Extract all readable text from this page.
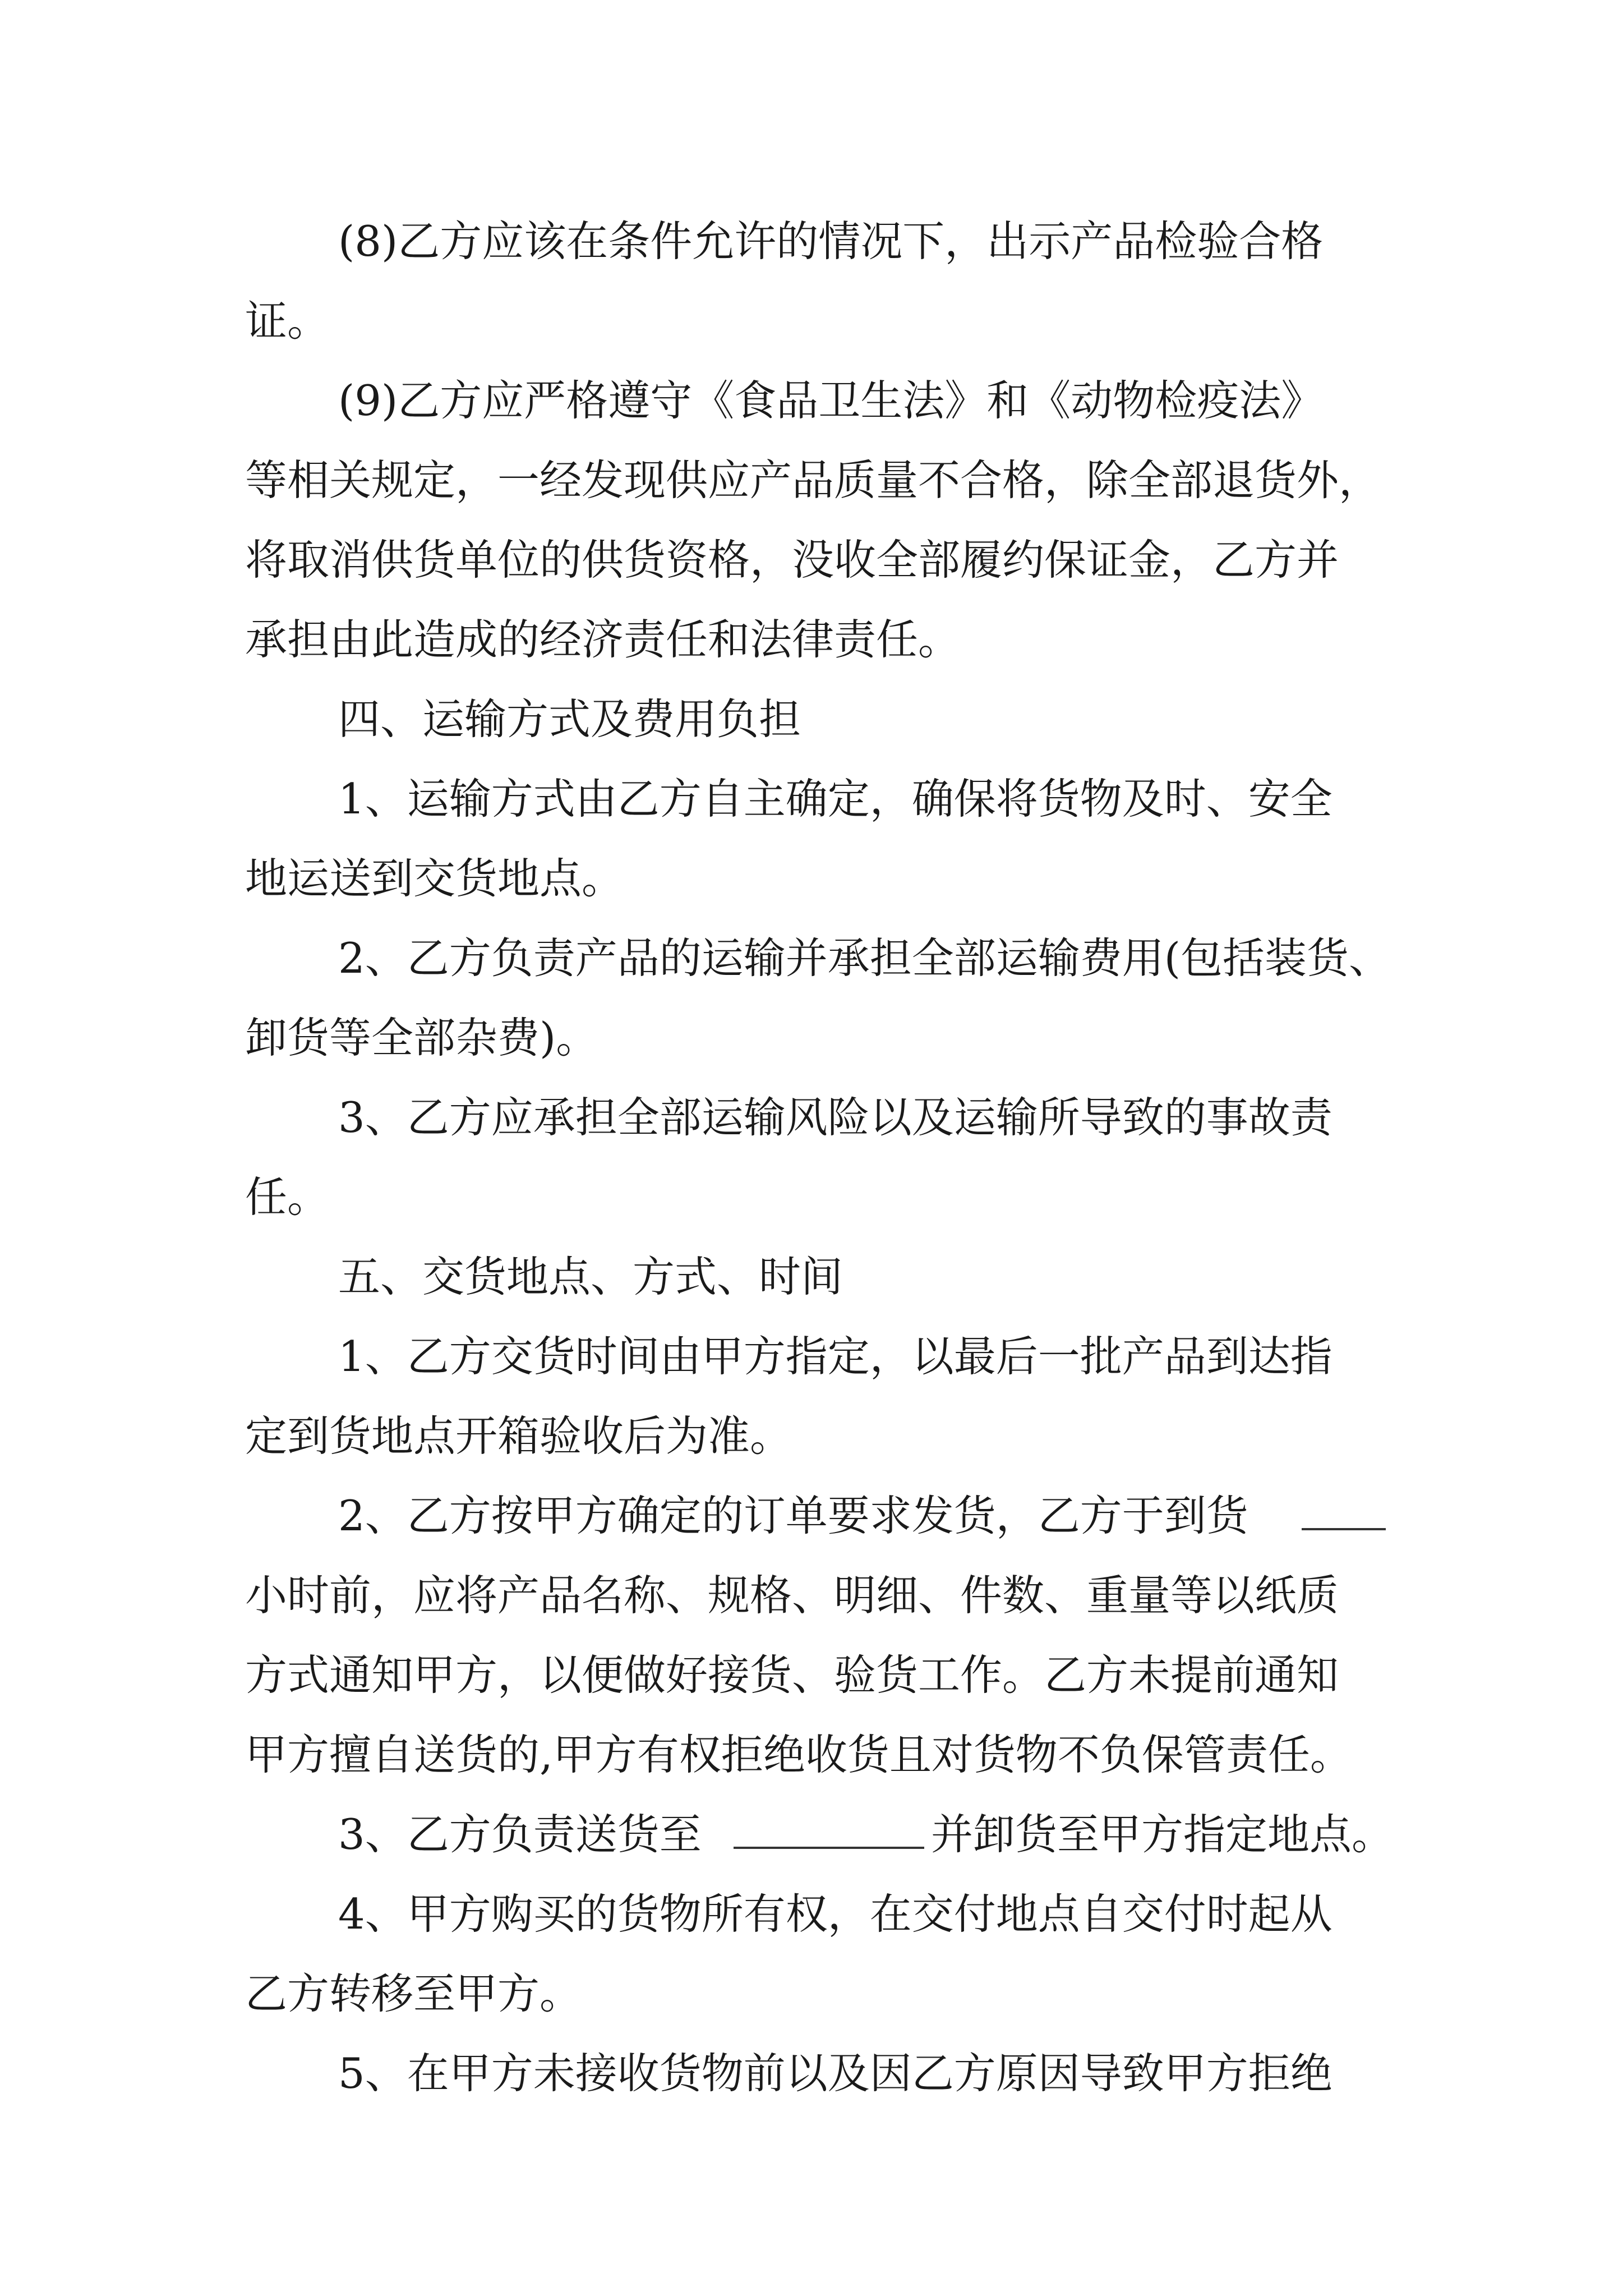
(8)乙方应该在条件允许的情况下，出示产品检验合格

证。

(9)乙方应严格遵守《食品卫生法》和《动物检疫法》

等相关规定，一经发现供应产品质量不合格，除全部退货外，

将取消供货单位的供货资格，没收全部履约保证金，乙方并

承担由此造成的经济责任和法律责任。

四、运输方式及费用负担

1、运输方式由乙方自主确定，确保将货物及时、安全

地运送到交货地点。

2、乙方负责产品的运输并承担全部运输费用(包括装货、

卸货等全部杂费)。

3、乙方应承担全部运输风险以及运输所导致的事故责

任。

五、交货地点、方式、时间

1、乙方交货时间由甲方指定，以最后一批产品到达指

定到货地点开箱验收后为准。

2、乙方按甲方确定的订单要求发货，乙方于到货

小时前，应将产品名称、规格、明细、件数、重量等以纸质

方式通知甲方，以便做好接货、验货工作。乙方未提前通知

甲方擅自送货的,甲方有权拒绝收货且对货物不负保管责任。

3、乙方负责送货至

	并卸货至甲方指定地点。

4、甲方购买的货物所有权，在交付地点自交付时起从

乙方转移至甲方。

5、在甲方未接收货物前以及因乙方原因导致甲方拒绝
